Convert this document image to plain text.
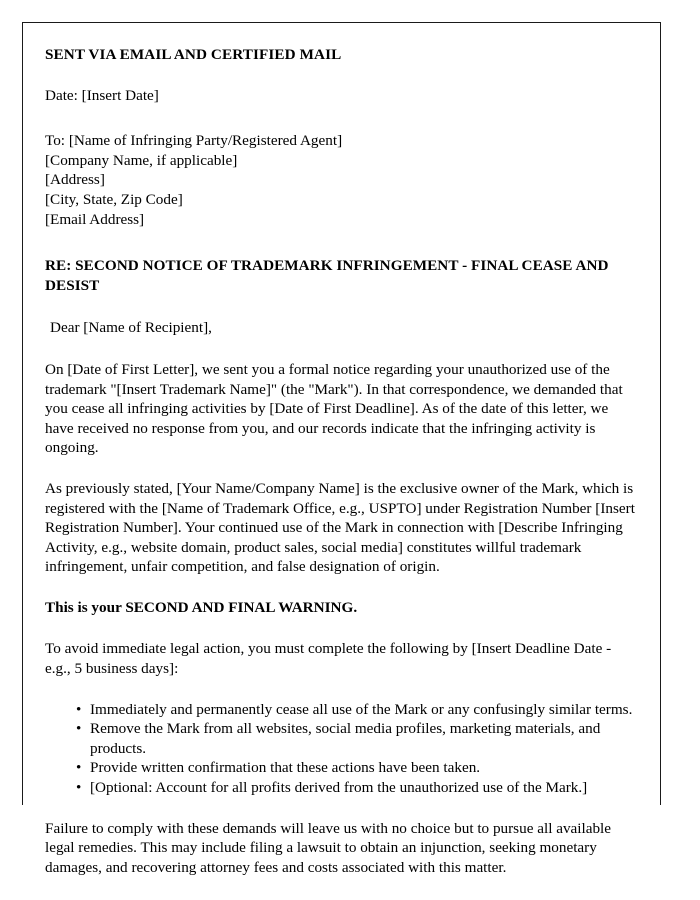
SENT VIA EMAIL AND CERTIFIED MAIL
Date: [Insert Date]
To: [Name of Infringing Party/Registered Agent]
[Company Name, if applicable]
[Address]
[City, State, Zip Code]
[Email Address]
RE: SECOND NOTICE OF TRADEMARK INFRINGEMENT - FINAL CEASE AND DESIST
Dear [Name of Recipient],

On [Date of First Letter], we sent you a formal notice regarding your unauthorized use of the trademark "[Insert Trademark Name]" (the "Mark"). In that correspondence, we demanded that you cease all infringing activities by [Date of First Deadline]. As of the date of this letter, we have received no response from you, and our records indicate that the infringing activity is ongoing.

As previously stated, [Your Name/Company Name] is the exclusive owner of the Mark, which is registered with the [Name of Trademark Office, e.g., USPTO] under Registration Number [Insert Registration Number]. Your continued use of the Mark in connection with [Describe Infringing Activity, e.g., website domain, product sales, social media] constitutes willful trademark infringement, unfair competition, and false designation of origin.

This is your SECOND AND FINAL WARNING.

To avoid immediate legal action, you must complete the following by [Insert Deadline Date - e.g., 5 business days]:

• Immediately and permanently cease all use of the Mark or any confusingly similar terms.
• Remove the Mark from all websites, social media profiles, marketing materials, and products.
• Provide written confirmation that these actions have been taken.
• [Optional: Account for all profits derived from the unauthorized use of the Mark.]

Failure to comply with these demands will leave us with no choice but to pursue all available legal remedies. This may include filing a lawsuit to obtain an injunction, seeking monetary damages, and recovering attorney fees and costs associated with this matter.
